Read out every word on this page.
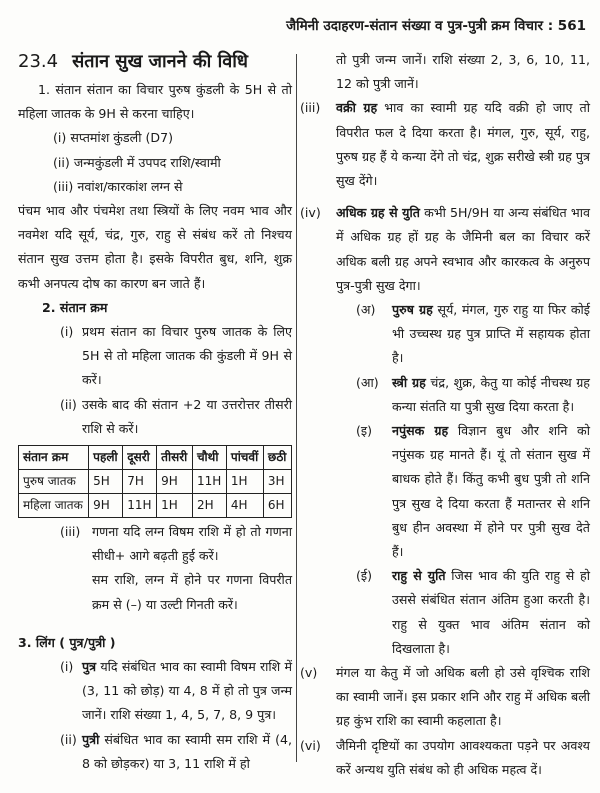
जैमिनी उदाहरण-संतान संख्या व पुत्र-पुत्री क्रम विचार : 561
23.4 संतान सुख जानने की विधि

1. संतान संतान का विचार पुरुष कुंडली के 5H से तो महिला जातक के 9H से करना चाहिए।

(i) सप्तमांश कुंडली (D7)

(ii) जन्मकुंडली में उपपद राशि/स्वामी

(iii) नवांश/कारकांश लग्न से

पंचम भाव और पंचमेश तथा स्त्रियों के लिए नवम भाव और नवमेश यदि सूर्य, चंद्र, गुरु, राहु से संबंध करें तो निश्चय संतान सुख उत्तम होता है। इसके विपरीत बुध, शनि, शुक्र कभी अनपत्य दोष का कारण बन जाते हैं।

2. संतान क्रम

(i) प्रथम संतान का विचार पुरुष जातक के लिए 5H से तो महिला जातक की कुंडली में 9H से करें।
(ii) उसके बाद की संतान +2 या उत्तरोत्तर तीसरी राशि से करें।
संतान क्रम	पहली	दूसरी	तीसरी	चौथी	पांचवीं	छठी
पुरुष जातक	5H	7H	9H	11H	1H	3H
महिला जातक	9H	11H	1H	2H	4H	6H
(iii) गणना यदि लग्न विषम राशि में हो तो गणना सीधी+ आगे बढ़ती हुई करें।
सम राशि, लग्न में होने पर गणना विपरीत क्रम से (–) या उल्टी गिनती करें।

3. लिंग ( पुत्र/पुत्री )

(i) पुत्र यदि संबंधित भाव का स्वामी विषम राशि में (3, 11 को छोड़) या 4, 8 में हो तो पुत्र जन्म जानें। राशि संख्या 1, 4, 5, 7, 8, 9 पुत्र।
(ii) पुत्री संबंधित भाव का स्वामी सम राशि में (4, 8 को छोड़कर) या 3, 11 राशि में हो

तो पुत्री जन्म जानें। राशि संख्या 2, 3, 6, 10, 11, 12 को पुत्री जानें।

(iii)	वक्री ग्रह भाव का स्वामी ग्रह यदि वक्री हो जाए तो विपरीत फल दे दिया करता है। मंगल, गुरु, सूर्य, राहु, पुरुष ग्रह हैं ये कन्या देंगे तो चंद्र, शुक्र सरीखे स्त्री ग्रह पुत्र सुख देंगे।
(iv)	अधिक ग्रह से युति कभी 5H/9H या अन्य संबंधित भाव में अधिक ग्रह हों ग्रह के जैमिनी बल का विचार करें अधिक बली ग्रह अपने स्वभाव और कारकत्व के अनुरुप पुत्र-पुत्री सुख देगा।
(अ)	पुरुष ग्रह सूर्य, मंगल, गुरु राहु या फिर कोई भी उच्चस्थ ग्रह पुत्र प्राप्ति में सहायक होता है।
(आ)	स्त्री ग्रह चंद्र, शुक्र, केतु या कोई नीचस्थ ग्रह कन्या संतति या पुत्री सुख दिया करता है।
(इ)	नपुंसक ग्रह विज्ञान बुध और शनि को नपुंसक ग्रह मानते हैं। यूं तो संतान सुख में बाधक होते हैं। किंतु कभी बुध पुत्री तो शनि पुत्र सुख दे दिया करता हैं मतान्तर से शनि बुध हीन अवस्था में होने पर पुत्री सुख देते हैं।
(ई)	राहु से युति जिस भाव की युति राहु से हो उससे संबंधित संतान अंतिम हुआ करती है। राहु से युक्त भाव अंतिम संतान को दिखलाता है।
(v)	मंगल या केतु में जो अधिक बली हो उसे वृश्चिक राशि का स्वामी जानें। इस प्रकार शनि और राहु में अधिक बली ग्रह कुंभ राशि का स्वामी कहलाता है।
(vi)	जैमिनी दृष्टियों का उपयोग आवश्यकता पड़ने पर अवश्य करें अन्यथ युति संबंध को ही अधिक महत्व दें।
